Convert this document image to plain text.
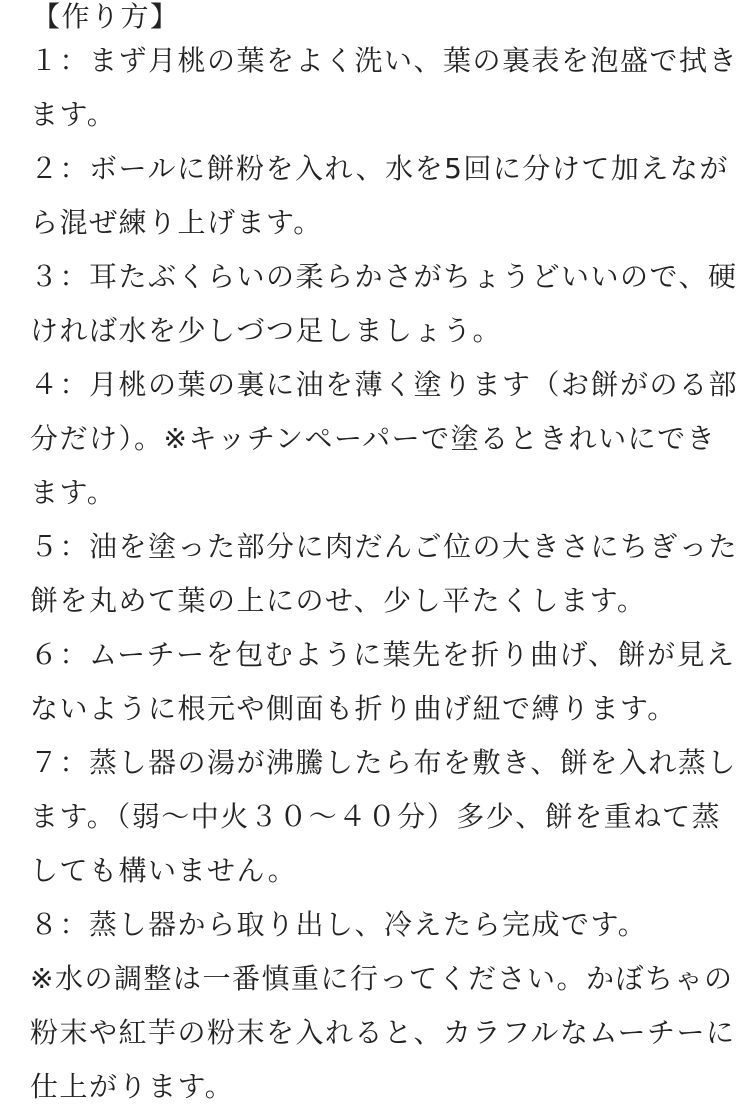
【作り方】
１：まず月桃の葉をよく洗い、葉の裏表を泡盛で拭き
ます。
２：ボールに餅粉を入れ、水を5回に分けて加えなが
ら混ぜ練り上げます。
３：耳たぶくらいの柔らかさがちょうどいいので、硬
ければ水を少しづつ足しましょう。
４：月桃の葉の裏に油を薄く塗ります（お餅がのる部
分だけ）。※キッチンペーパーで塗るときれいにでき
ます。
５：油を塗った部分に肉だんご位の大きさにちぎった
餅を丸めて葉の上にのせ、少し平たくします。
６：ムーチーを包むように葉先を折り曲げ、餅が見え
ないように根元や側面も折り曲げ紐で縛ります。
７：蒸し器の湯が沸騰したら布を敷き、餅を入れ蒸し
ます。（弱〜中火３０〜４０分）多少、餅を重ねて蒸
しても構いません。
８：蒸し器から取り出し、冷えたら完成です。
※水の調整は一番慎重に行ってください。かぼちゃの
粉末や紅芋の粉末を入れると、カラフルなムーチーに
仕上がります。
